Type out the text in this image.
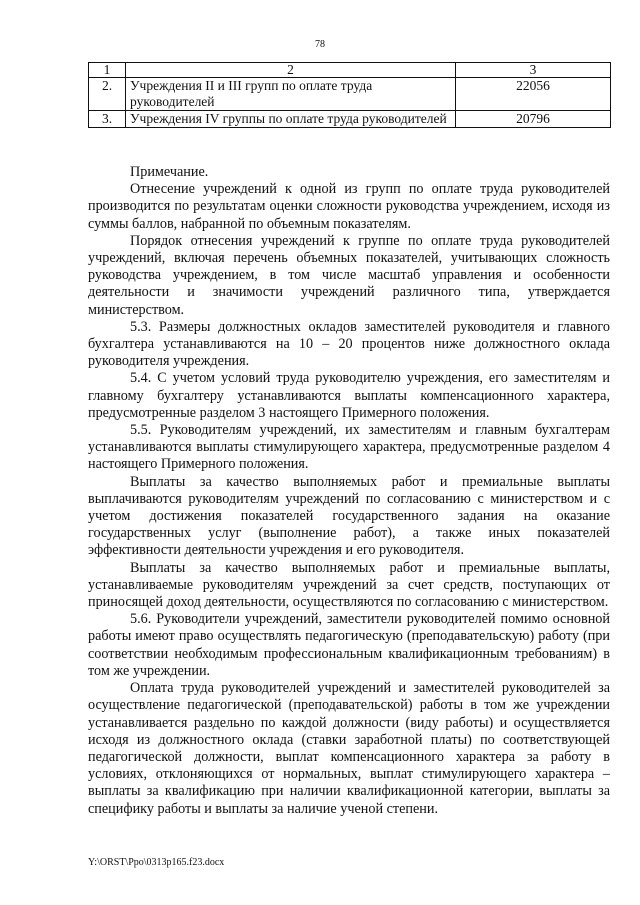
78
1	2	3
2.	Учреждения II и III групп по оплате труда руководителей	22056
3.	Учреждения IV группы по оплате труда руководителей	20796

Примечание.

Отнесение учреждений к одной из групп по оплате труда руководителей производится по результатам оценки сложности руководства учреждением, исходя из суммы баллов, набранной по объемным показателям.

Порядок отнесения учреждений к группе по оплате труда руководителей учреждений, включая перечень объемных показателей, учитывающих сложность руководства учреждением, в том числе масштаб управления и особенности деятельности и значимости учреждений различного типа, утверждается министерством.

5.3. Размеры должностных окладов заместителей руководителя и главного бухгалтера устанавливаются на 10 – 20 процентов ниже должностного оклада руководителя учреждения.

5.4. С учетом условий труда руководителю учреждения, его заместителям и главному бухгалтеру устанавливаются выплаты компенсационного характера, предусмотренные разделом 3 настоящего Примерного положения.

5.5. Руководителям учреждений, их заместителям и главным бухгалтерам устанавливаются выплаты стимулирующего характера, предусмотренные разделом 4 настоящего Примерного положения.

Выплаты за качество выполняемых работ и премиальные выплаты выплачиваются руководителям учреждений по согласованию с министерством и с учетом достижения показателей государственного задания на оказание государственных услуг (выполнение работ), а также иных показателей эффективности деятельности учреждения и его руководителя.

Выплаты за качество выполняемых работ и премиальные выплаты, устанавливаемые руководителям учреждений за счет средств, поступающих от приносящей доход деятельности, осуществляются по согласованию с министерством.

5.6. Руководители учреждений, заместители руководителей помимо основной работы имеют право осуществлять педагогическую (преподавательскую) работу (при соответствии необходимым профессиональным квалификационным требованиям) в том же учреждении.

Оплата труда руководителей учреждений и заместителей руководителей за осуществление педагогической (преподавательской) работы в том же учреждении устанавливается раздельно по каждой должности (виду работы) и осуществляется исходя из должностного оклада (ставки заработной платы) по соответствующей педагогической должности, выплат компенсационного характера за работу в условиях, отклоняющихся от нормальных, выплат стимулирующего характера – выплаты за квалификацию при наличии квалификационной категории, выплаты за специфику работы и выплаты за наличие ученой степени.

Y:\ORST\Ppo\0313p165.f23.docx
